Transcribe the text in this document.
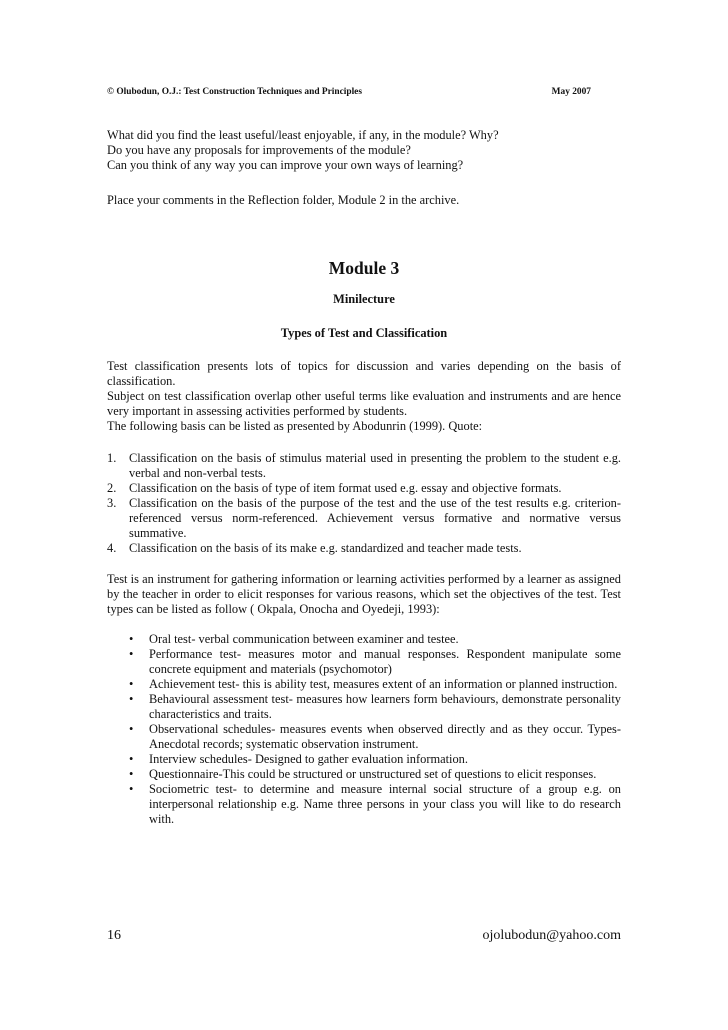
© Olubodun, O.J.: Test Construction Techniques and Principles	May 2007
What did you find the least useful/least enjoyable, if any, in the module? Why?
Do you have any proposals for improvements of the module?
Can you think of any way you can improve your own ways of learning?
Place your comments in the Reflection folder, Module 2 in the archive.
Module 3
Minilecture
Types of Test and Classification
Test classification presents lots of topics for discussion and varies depending on the basis of classification.
Subject on test classification overlap other useful terms like evaluation and instruments and are hence very important in assessing activities performed by students.
The following basis can be listed as presented by Abodunrin (1999). Quote:
1. Classification on the basis of stimulus material used in presenting the problem to the student e.g. verbal and non-verbal tests.
2. Classification on the basis of type of item format used e.g. essay and objective formats.
3. Classification on the basis of the purpose of the test and the use of the test results e.g. criterion-referenced versus norm-referenced. Achievement versus formative and normative versus summative.
4. Classification on the basis of its make e.g. standardized and teacher made tests.
Test is an instrument for gathering information or learning activities performed by a learner as assigned by the teacher in order to elicit responses for various reasons, which set the objectives of the test. Test types can be listed as follow ( Okpala, Onocha and Oyedeji, 1993):
• Oral test- verbal communication between examiner and testee.
• Performance test- measures motor and manual responses. Respondent manipulate some concrete equipment and materials (psychomotor)
• Achievement test- this is ability test, measures extent of an information or planned instruction.
• Behavioural assessment test- measures how learners form behaviours, demonstrate personality characteristics and traits.
• Observational schedules- measures events when observed directly and as they occur. Types- Anecdotal records; systematic observation instrument.
• Interview schedules- Designed to gather evaluation information.
• Questionnaire-This could be structured or unstructured set of questions to elicit responses.
• Sociometric test- to determine and measure internal social structure of a group e.g. on interpersonal relationship e.g. Name three persons in your class you will like to do research with.
16	ojolubodun@yahoo.com
